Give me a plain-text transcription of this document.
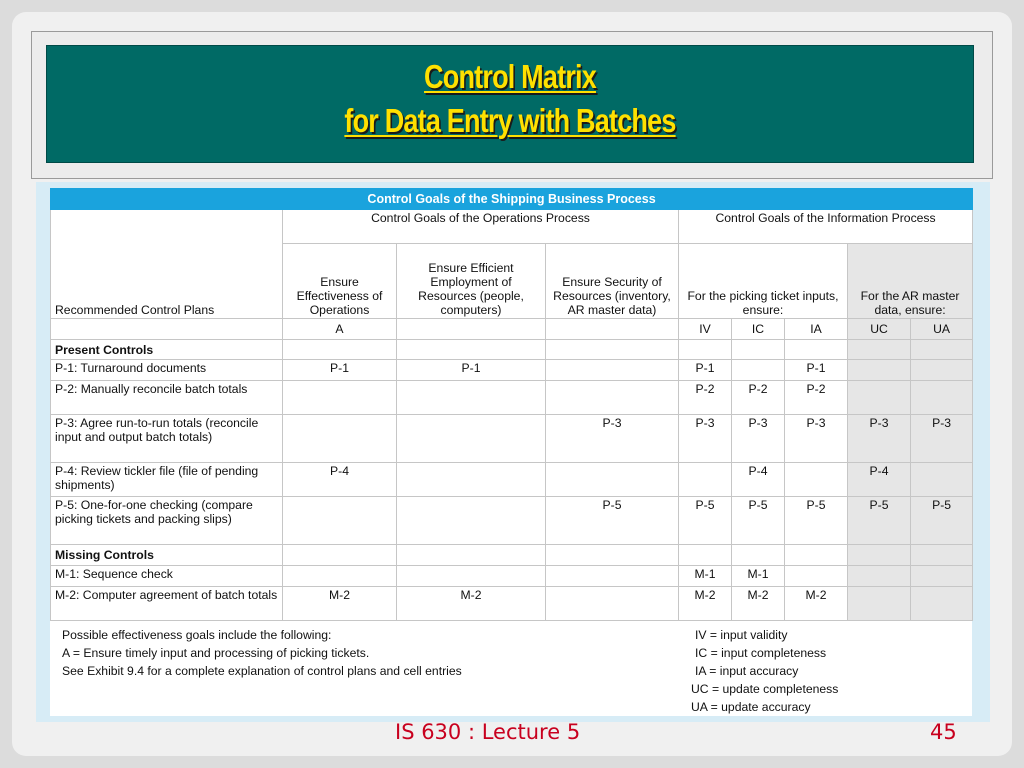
Control Matrix
for Data Entry with Batches
Control Goals of the Shipping Business Process								
Recommended Control Plans	Control Goals of the Operations Process			Control Goals of the Information Process				
	Ensure Effectiveness of Operations	Ensure Efficient Employment of Resources (people, computers)	Ensure Security of Resources (inventory, AR master data)	For the picking ticket inputs, ensure:			For the AR master data, ensure:	
	A			IV	IC	IA	UC	UA
Present Controls								
P-1: Turnaround documents	P-1	P-1		P-1		P-1		
P-2: Manually reconcile batch totals				P-2	P-2	P-2		
P-3: Agree run-to-run totals (reconcile input and output batch totals)			P-3	P-3	P-3	P-3	P-3	P-3
P-4: Review tickler file (file of pending shipments)	P-4				P-4		P-4	
P-5: One-for-one checking (compare picking tickets and packing slips)			P-5	P-5	P-5	P-5	P-5	P-5
Missing Controls								
M-1: Sequence check				M-1	M-1			
M-2: Computer agreement of batch totals	M-2	M-2		M-2	M-2	M-2		
Possible effectiveness goals include the following:
A = Ensure timely input and processing of picking tickets.
See Exhibit 9.4 for a complete explanation of control plans and cell entries
IV = input validity
IC = input completeness
IA = input accuracy
UC = update completeness
UA = update accuracy
IS 630 : Lecture 5	45
